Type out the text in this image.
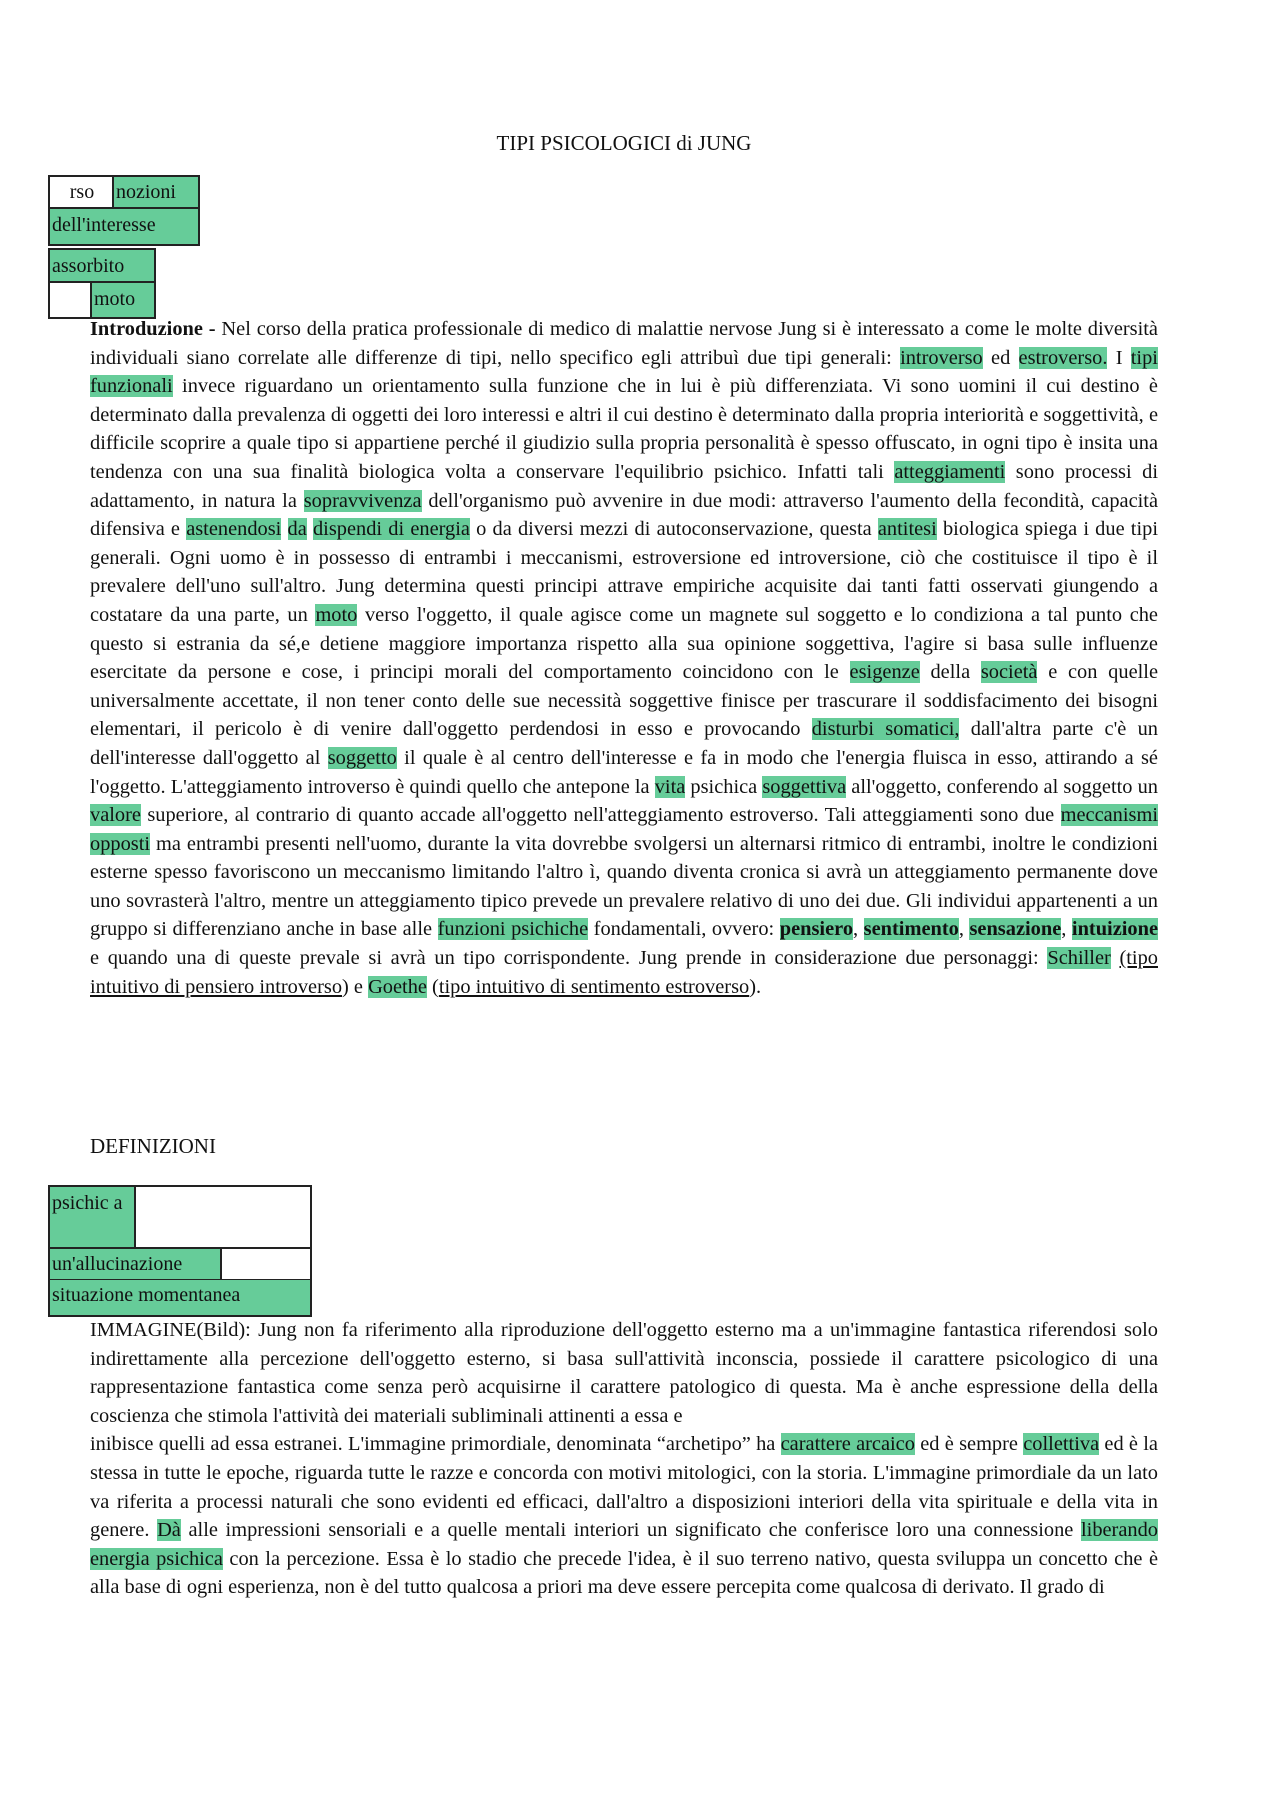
TIPI PSICOLOGICI di JUNG
rso	nozioni
dell'interesse
assorbito
moto
Introduzione - Nel corso della pratica professionale di medico di malattie nervose Jung si è interessato a come le molte diversità individuali siano correlate alle differenze di tipi, nello specifico egli attribuì due tipi generali: introverso ed estroverso. I tipi funzionali invece riguardano un orientamento sulla funzione che in lui è più differenziata. Vi sono uomini il cui destino è determinato dalla prevalenza di oggetti dei loro interessi e altri il cui destino è determinato dalla propria interiorità e soggettività, e difficile scoprire a quale tipo si appartiene perché il giudizio sulla propria personalità è spesso offuscato, in ogni tipo è insita una tendenza con una sua finalità biologica volta a conservare l'equilibrio psichico. Infatti tali atteggiamenti sono processi di adattamento, in natura la sopravvivenza dell'organismo può avvenire in due modi: attraverso l'aumento della fecondità, capacità difensiva e astenendosi da dispendi di energia o da diversi mezzi di autoconservazione, questa antitesi biologica spiega i due tipi generali. Ogni uomo è in possesso di entrambi i meccanismi, estroversione ed introversione, ciò che costituisce il tipo è il prevalere dell'uno sull'altro. Jung determina questi principi attrave empiriche acquisite dai tanti fatti osservati giungendo a costatare da una parte, un moto verso l'oggetto, il quale agisce come un magnete sul soggetto e lo condiziona a tal punto che questo si estrania da sé,e detiene maggiore importanza rispetto alla sua opinione soggettiva, l'agire si basa sulle influenze esercitate da persone e cose, i principi morali del comportamento coincidono con le esigenze della società e con quelle universalmente accettate, il non tener conto delle sue necessità soggettive finisce per trascurare il soddisfacimento dei bisogni elementari, il pericolo è di venire dall'oggetto perdendosi in esso e provocando disturbi somatici, dall'altra parte c'è un dell'interesse dall'oggetto al soggetto il quale è al centro dell'interesse e fa in modo che l'energia fluisca in esso, attirando a sé l'oggetto. L'atteggiamento introverso è quindi quello che antepone la vita psichica soggettiva all'oggetto, conferendo al soggetto un valore superiore, al contrario di quanto accade all'oggetto nell'atteggiamento estroverso. Tali atteggiamenti sono due meccanismi opposti ma entrambi presenti nell'uomo, durante la vita dovrebbe svolgersi un alternarsi ritmico di entrambi, inoltre le condizioni esterne spesso favoriscono un meccanismo limitando l'altro ì, quando diventa cronica si avrà un atteggiamento permanente dove uno sovrasterà l'altro, mentre un atteggiamento tipico prevede un prevalere relativo di uno dei due. Gli individui appartenenti a un gruppo si differenziano anche in base alle funzioni psichiche fondamentali, ovvero: pensiero, sentimento, sensazione, intuizione e quando una di queste prevale si avrà un tipo corrispondente. Jung prende in considerazione due personaggi: Schiller (tipo intuitivo di pensiero introverso) e Goethe (tipo intuitivo di sentimento estroverso).
DEFINIZIONI
psichic a
un'allucinazione
situazione momentanea
IMMAGINE(Bild): Jung non fa riferimento alla riproduzione dell'oggetto esterno ma a un'immagine fantastica riferendosi solo indirettamente alla percezione dell'oggetto esterno, si basa sull'attività inconscia, possiede il carattere psicologico di una rappresentazione fantastica come senza però acquisirne il carattere patologico di questa. Ma è anche espressione della della coscienza che stimola l'attività dei materiali subliminali attinenti a essa e
inibisce quelli ad essa estranei. L'immagine primordiale, denominata “archetipo” ha carattere arcaico ed è sempre collettiva ed è la stessa in tutte le epoche, riguarda tutte le razze e concorda con motivi mitologici, con la storia. L'immagine primordiale da un lato va riferita a processi naturali che sono evidenti ed efficaci, dall'altro a disposizioni interiori della vita spirituale e della vita in genere. Dà alle impressioni sensoriali e a quelle mentali interiori un significato che conferisce loro una connessione liberando energia psichica con la percezione. Essa è lo stadio che precede l'idea, è il suo terreno nativo, questa sviluppa un concetto che è alla base di ogni esperienza, non è del tutto qualcosa a priori ma deve essere percepita come qualcosa di derivato. Il grado di
